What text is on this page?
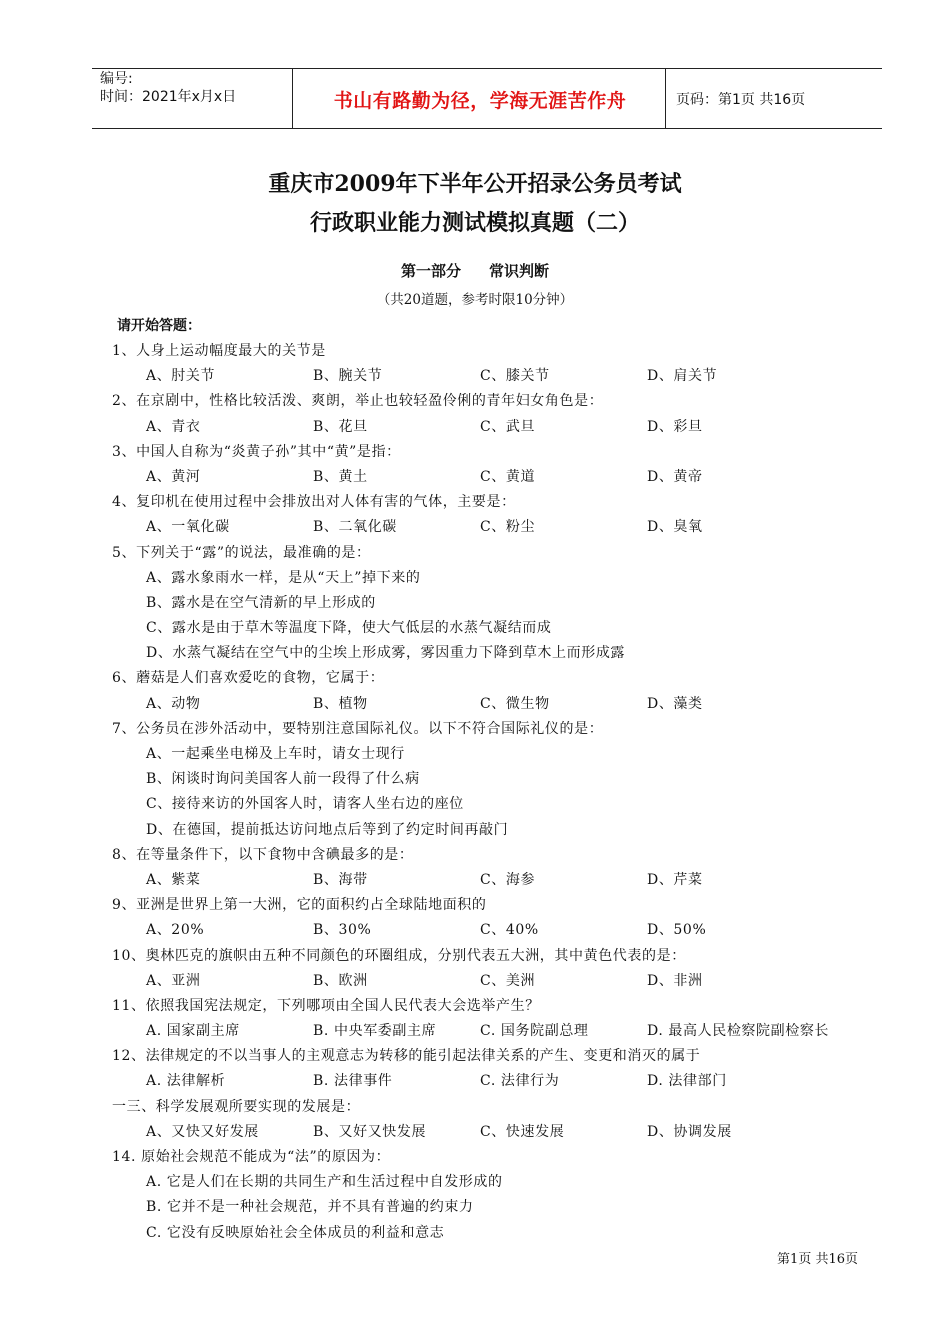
编号:
时间：2021年x月x日	书山有路勤为径，学海无涯苦作舟	页码：第1页 共16页
重庆市2009年下半年公开招录公务员考试
行政职业能力测试模拟真题（二）
第一部分 常识判断
（共20道题，参考时限10分钟）
请开始答题：
1、人身上运动幅度最大的关节是
A、肘关节	B、腕关节	C、膝关节	D、肩关节
2、在京剧中，性格比较活泼、爽朗，举止也较轻盈伶俐的青年妇女角色是：
A、青衣	B、花旦	C、武旦	D、彩旦
3、中国人自称为“炎黄子孙”其中“黄”是指：
A、黄河	B、黄土	C、黄道	D、黄帝
4、复印机在使用过程中会排放出对人体有害的气体，主要是：
A、一氧化碳	B、二氧化碳	C、粉尘	D、臭氧
5、下列关于“露”的说法，最准确的是：
A、露水象雨水一样，是从“天上”掉下来的
B、露水是在空气清新的早上形成的
C、露水是由于草木等温度下降，使大气低层的水蒸气凝结而成
D、水蒸气凝结在空气中的尘埃上形成雾，雾因重力下降到草木上而形成露
6、蘑菇是人们喜欢爱吃的食物，它属于：
A、动物	B、植物	C、微生物	D、藻类
7、公务员在涉外活动中，要特别注意国际礼仪。以下不符合国际礼仪的是：
A、一起乘坐电梯及上车时，请女士现行
B、闲谈时询问美国客人前一段得了什么病
C、接待来访的外国客人时，请客人坐右边的座位
D、在德国，提前抵达访问地点后等到了约定时间再敲门
8、在等量条件下，以下食物中含碘最多的是：
A、紫菜	B、海带	C、海参	D、芹菜
9、亚洲是世界上第一大洲，它的面积约占全球陆地面积的
A、20%	B、30%	C、40%	D、50%
10、奥林匹克的旗帜由五种不同颜色的环圈组成，分别代表五大洲，其中黄色代表的是：
A、亚洲	B、欧洲	C、美洲	D、非洲
11、依照我国宪法规定，下列哪项由全国人民代表大会选举产生？
A. 国家副主席	B. 中央军委副主席	C. 国务院副总理	D. 最高人民检察院副检察长
12、法律规定的不以当事人的主观意志为转移的能引起法律关系的产生、变更和消灭的属于
A. 法律解析	B. 法律事件	C. 法律行为	D. 法律部门
一三、科学发展观所要实现的发展是：
A、又快又好发展	B、又好又快发展	C、快速发展	D、协调发展
14. 原始社会规范不能成为“法”的原因为：
A. 它是人们在长期的共同生产和生活过程中自发形成的
B. 它并不是一种社会规范，并不具有普遍的约束力
C. 它没有反映原始社会全体成员的利益和意志
第1页 共16页
